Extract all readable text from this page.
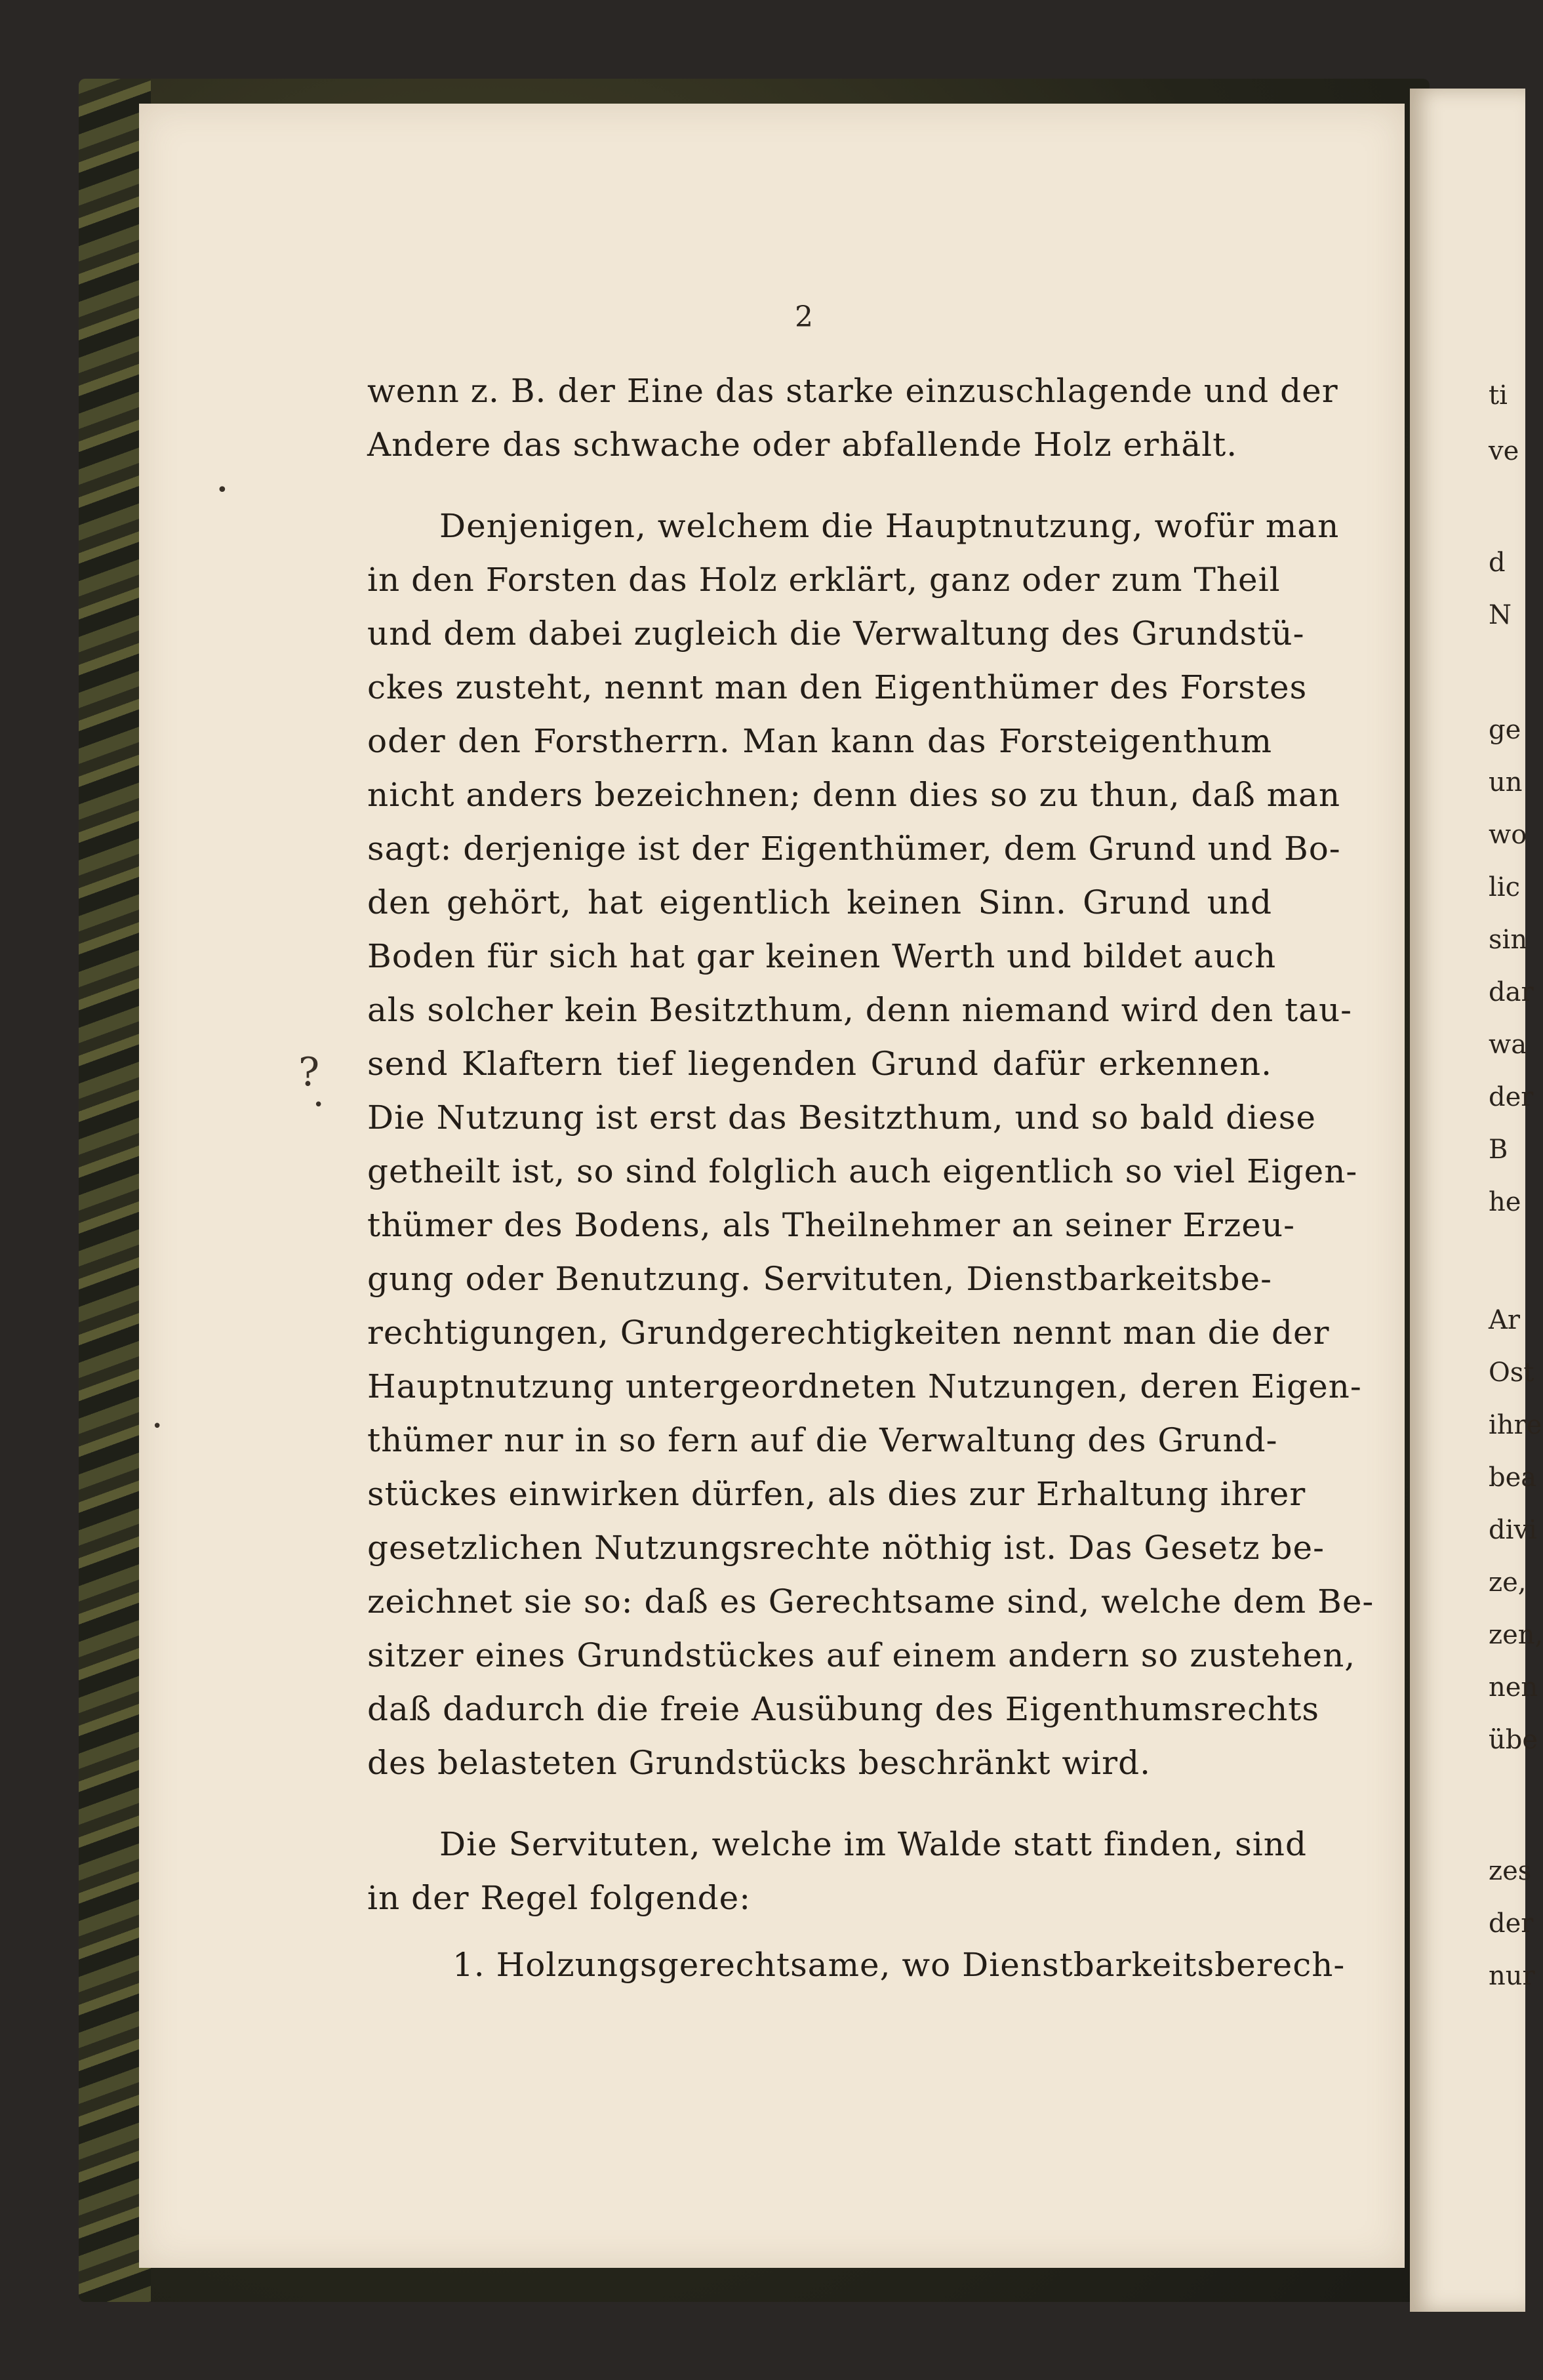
2
wenn z. B. der Eine das starke einzuschlagende und der
Andere das schwache oder abfallende Holz erhält.
Denjenigen, welchem die Hauptnutzung, wofür man
in den Forsten das Holz erklärt, ganz oder zum Theil
und dem dabei zugleich die Verwaltung des Grundstü-
ckes zusteht, nennt man den Eigenthümer des Forstes
oder den Forstherrn. Man kann das Forsteigenthum
nicht anders bezeichnen; denn dies so zu thun, daß man
sagt: derjenige ist der Eigenthümer, dem Grund und Bo-
den gehört, hat eigentlich keinen Sinn. Grund und
Boden für sich hat gar keinen Werth und bildet auch
als solcher kein Besitzthum, denn niemand wird den tau-
send Klaftern tief liegenden Grund dafür erkennen.
Die Nutzung ist erst das Besitzthum, und so bald diese
getheilt ist, so sind folglich auch eigentlich so viel Eigen-
thümer des Bodens, als Theilnehmer an seiner Erzeu-
gung oder Benutzung. Servituten, Dienstbarkeitsbe-
rechtigungen, Grundgerechtigkeiten nennt man die der
Hauptnutzung untergeordneten Nutzungen, deren Eigen-
thümer nur in so fern auf die Verwaltung des Grund-
stückes einwirken dürfen, als dies zur Erhaltung ihrer
gesetzlichen Nutzungsrechte nöthig ist. Das Gesetz be-
zeichnet sie so: daß es Gerechtsame sind, welche dem Be-
sitzer eines Grundstückes auf einem andern so zustehen,
daß dadurch die freie Ausübung des Eigenthumsrechts
des belasteten Grundstücks beschränkt wird.
Die Servituten, welche im Walde statt finden, sind
in der Regel folgende:
1. Holzungsgerechtsame, wo Dienstbarkeitsberech-
?
•
•
•
ti
ve
d
N
ge
un
wo
lic
sin
dar
wa
der
B
he
Ar
Ost
ihre
bea
divi
ze,
zen,
nen
übe
zes
der
nur
